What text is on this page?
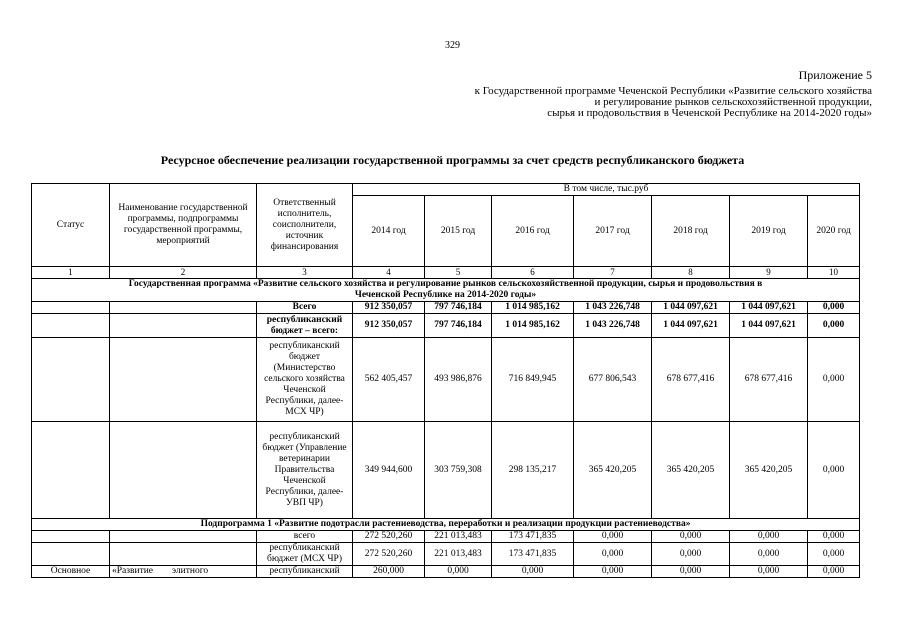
329
Приложение 5
к Государственной программе Чеченской Республики «Развитие сельского хозяйства
и регулирование рынков сельскохозяйственной продукции,
сырья и продовольствия в Чеченской Республике на 2014-2020 годы»
Ресурсное обеспечение реализации государственной программы за счет средств республиканского бюджета
Статус	Наименование государственной программы, подпрограммы государственной программы, мероприятий	Ответственный исполнитель, соисполнители, источник финансирования	В том числе, тыс.руб						
			2014 год	2015 год	2016 год	2017 год	2018 год	2019 год	2020 год
1	2	3	4	5	6	7	8	9	10
Государственная программа «Развитие сельского хозяйства и регулирование рынков сельскохозяйственной продукции, сырья и продовольствия в Чеченской Республике на 2014-2020 годы»									
		Всего	912 350,057	797 746,184	1 014 985,162	1 043 226,748	1 044 097,621	1 044 097,621	0,000
		республиканский бюджет – всего:	912 350,057	797 746,184	1 014 985,162	1 043 226,748	1 044 097,621	1 044 097,621	0,000
		республиканский бюджет (Министерство сельского хозяйства Чеченской Республики, далее-МСХ ЧР)	562 405,457	493 986,876	716 849,945	677 806,543	678 677,416	678 677,416	0,000
		республиканский бюджет (Управление ветеринарии Правительства Чеченской Республики, далее-УВП ЧР)	349 944,600	303 759,308	298 135,217	365 420,205	365 420,205	365 420,205	0,000
Подпрограмма 1 «Развитие подотрасли растениеводства, переработки и реализации продукции растениеводства»									
		всего	272 520,260	221 013,483	173 471,835	0,000	0,000	0,000	0,000
		республиканский бюджет (МСХ ЧР)	272 520,260	221 013,483	173 471,835	0,000	0,000	0,000	0,000
Основное	«Развитие        элитного	республиканский	260,000	0,000	0,000	0,000	0,000	0,000	0,000
